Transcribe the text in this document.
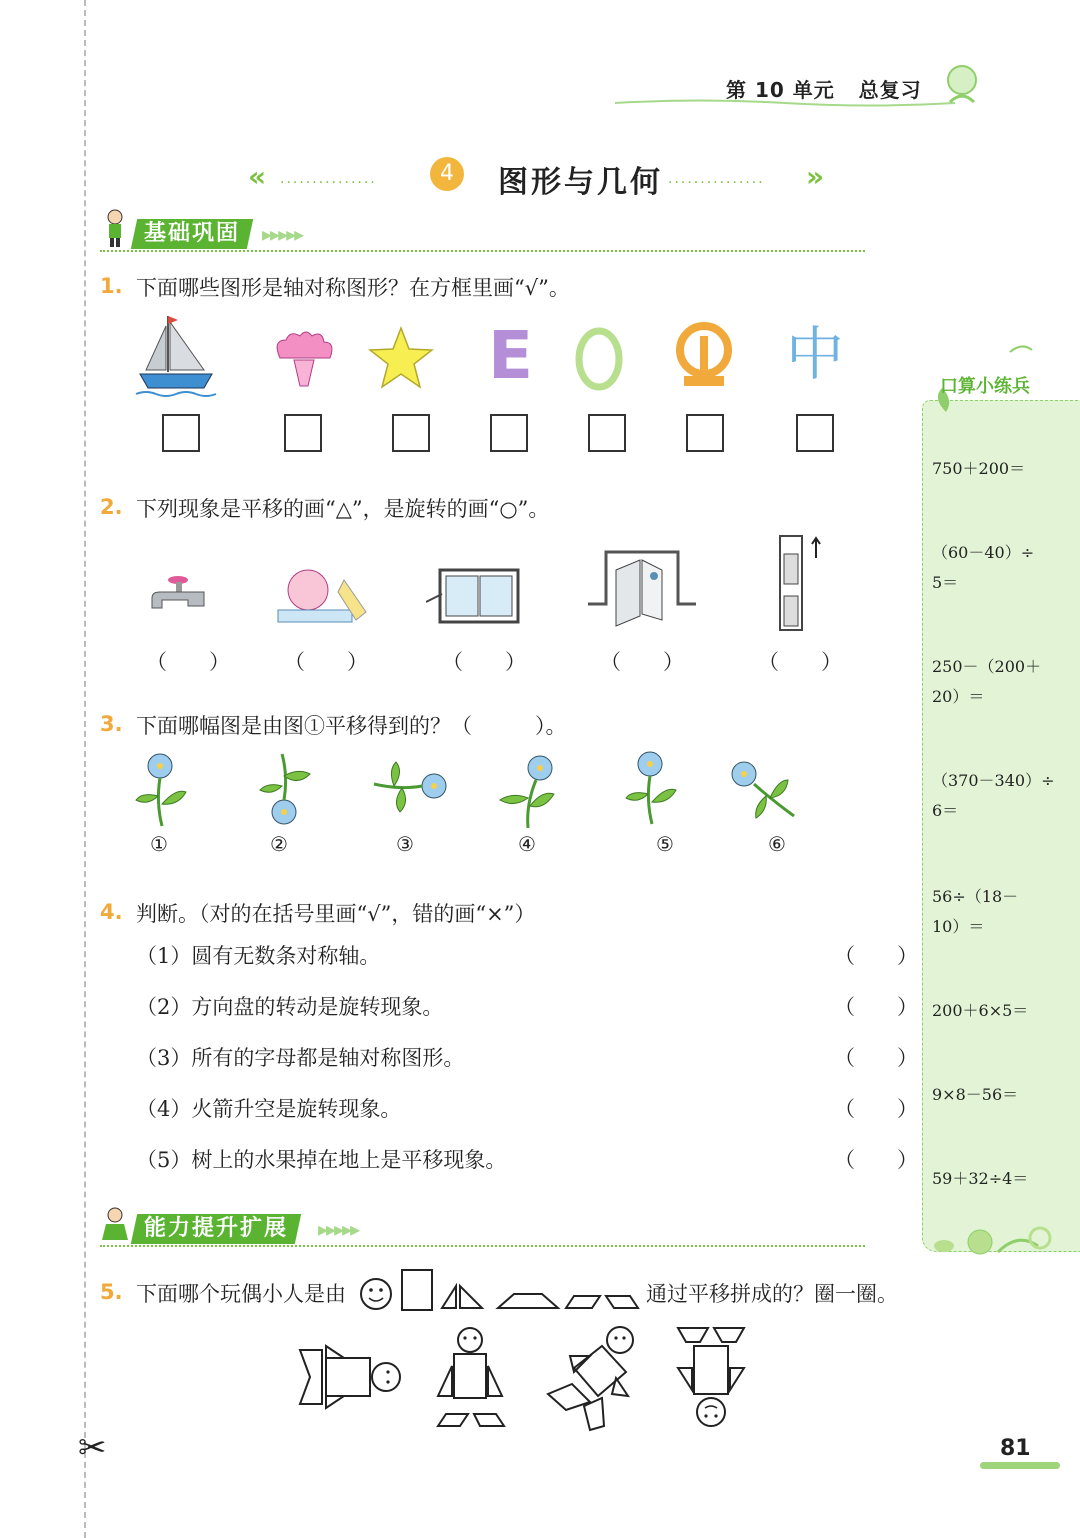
✂
第 10 单元 总复习
« ···············	4	图形与几何 ··············· »
基础巩固	▸▸▸▸▸
1. 下面哪些图形是轴对称图形？在方框里画“√”。
E	中
2. 下列现象是平移的画“△”，是旋转的画“○”。
（　　）	（　　）	（　　）	（　　）	（　　）
3. 下面哪幅图是由图①平移得到的？（　　　）。
①	②	③	④	⑤	⑥
4. 判断。（对的在括号里画“√”，错的画“×”）
（1）圆有无数条对称轴。	（　　）
（2）方向盘的转动是旋转现象。	（　　）
（3）所有的字母都是轴对称图形。	（　　）
（4）火箭升空是旋转现象。	（　　）
（5）树上的水果掉在地上是平移现象。	（　　）
能力提升扩展	▸▸▸▸▸
5. 下面哪个玩偶小人是由	通过平移拼成的？圈一圈。
口算小练兵
750＋200＝
（60－40）÷
5＝
250－（200＋
20）＝
（370－340）÷
6＝
56÷（18－
10）＝
200＋6×5＝
9×8－56＝
59＋32÷4＝
81
